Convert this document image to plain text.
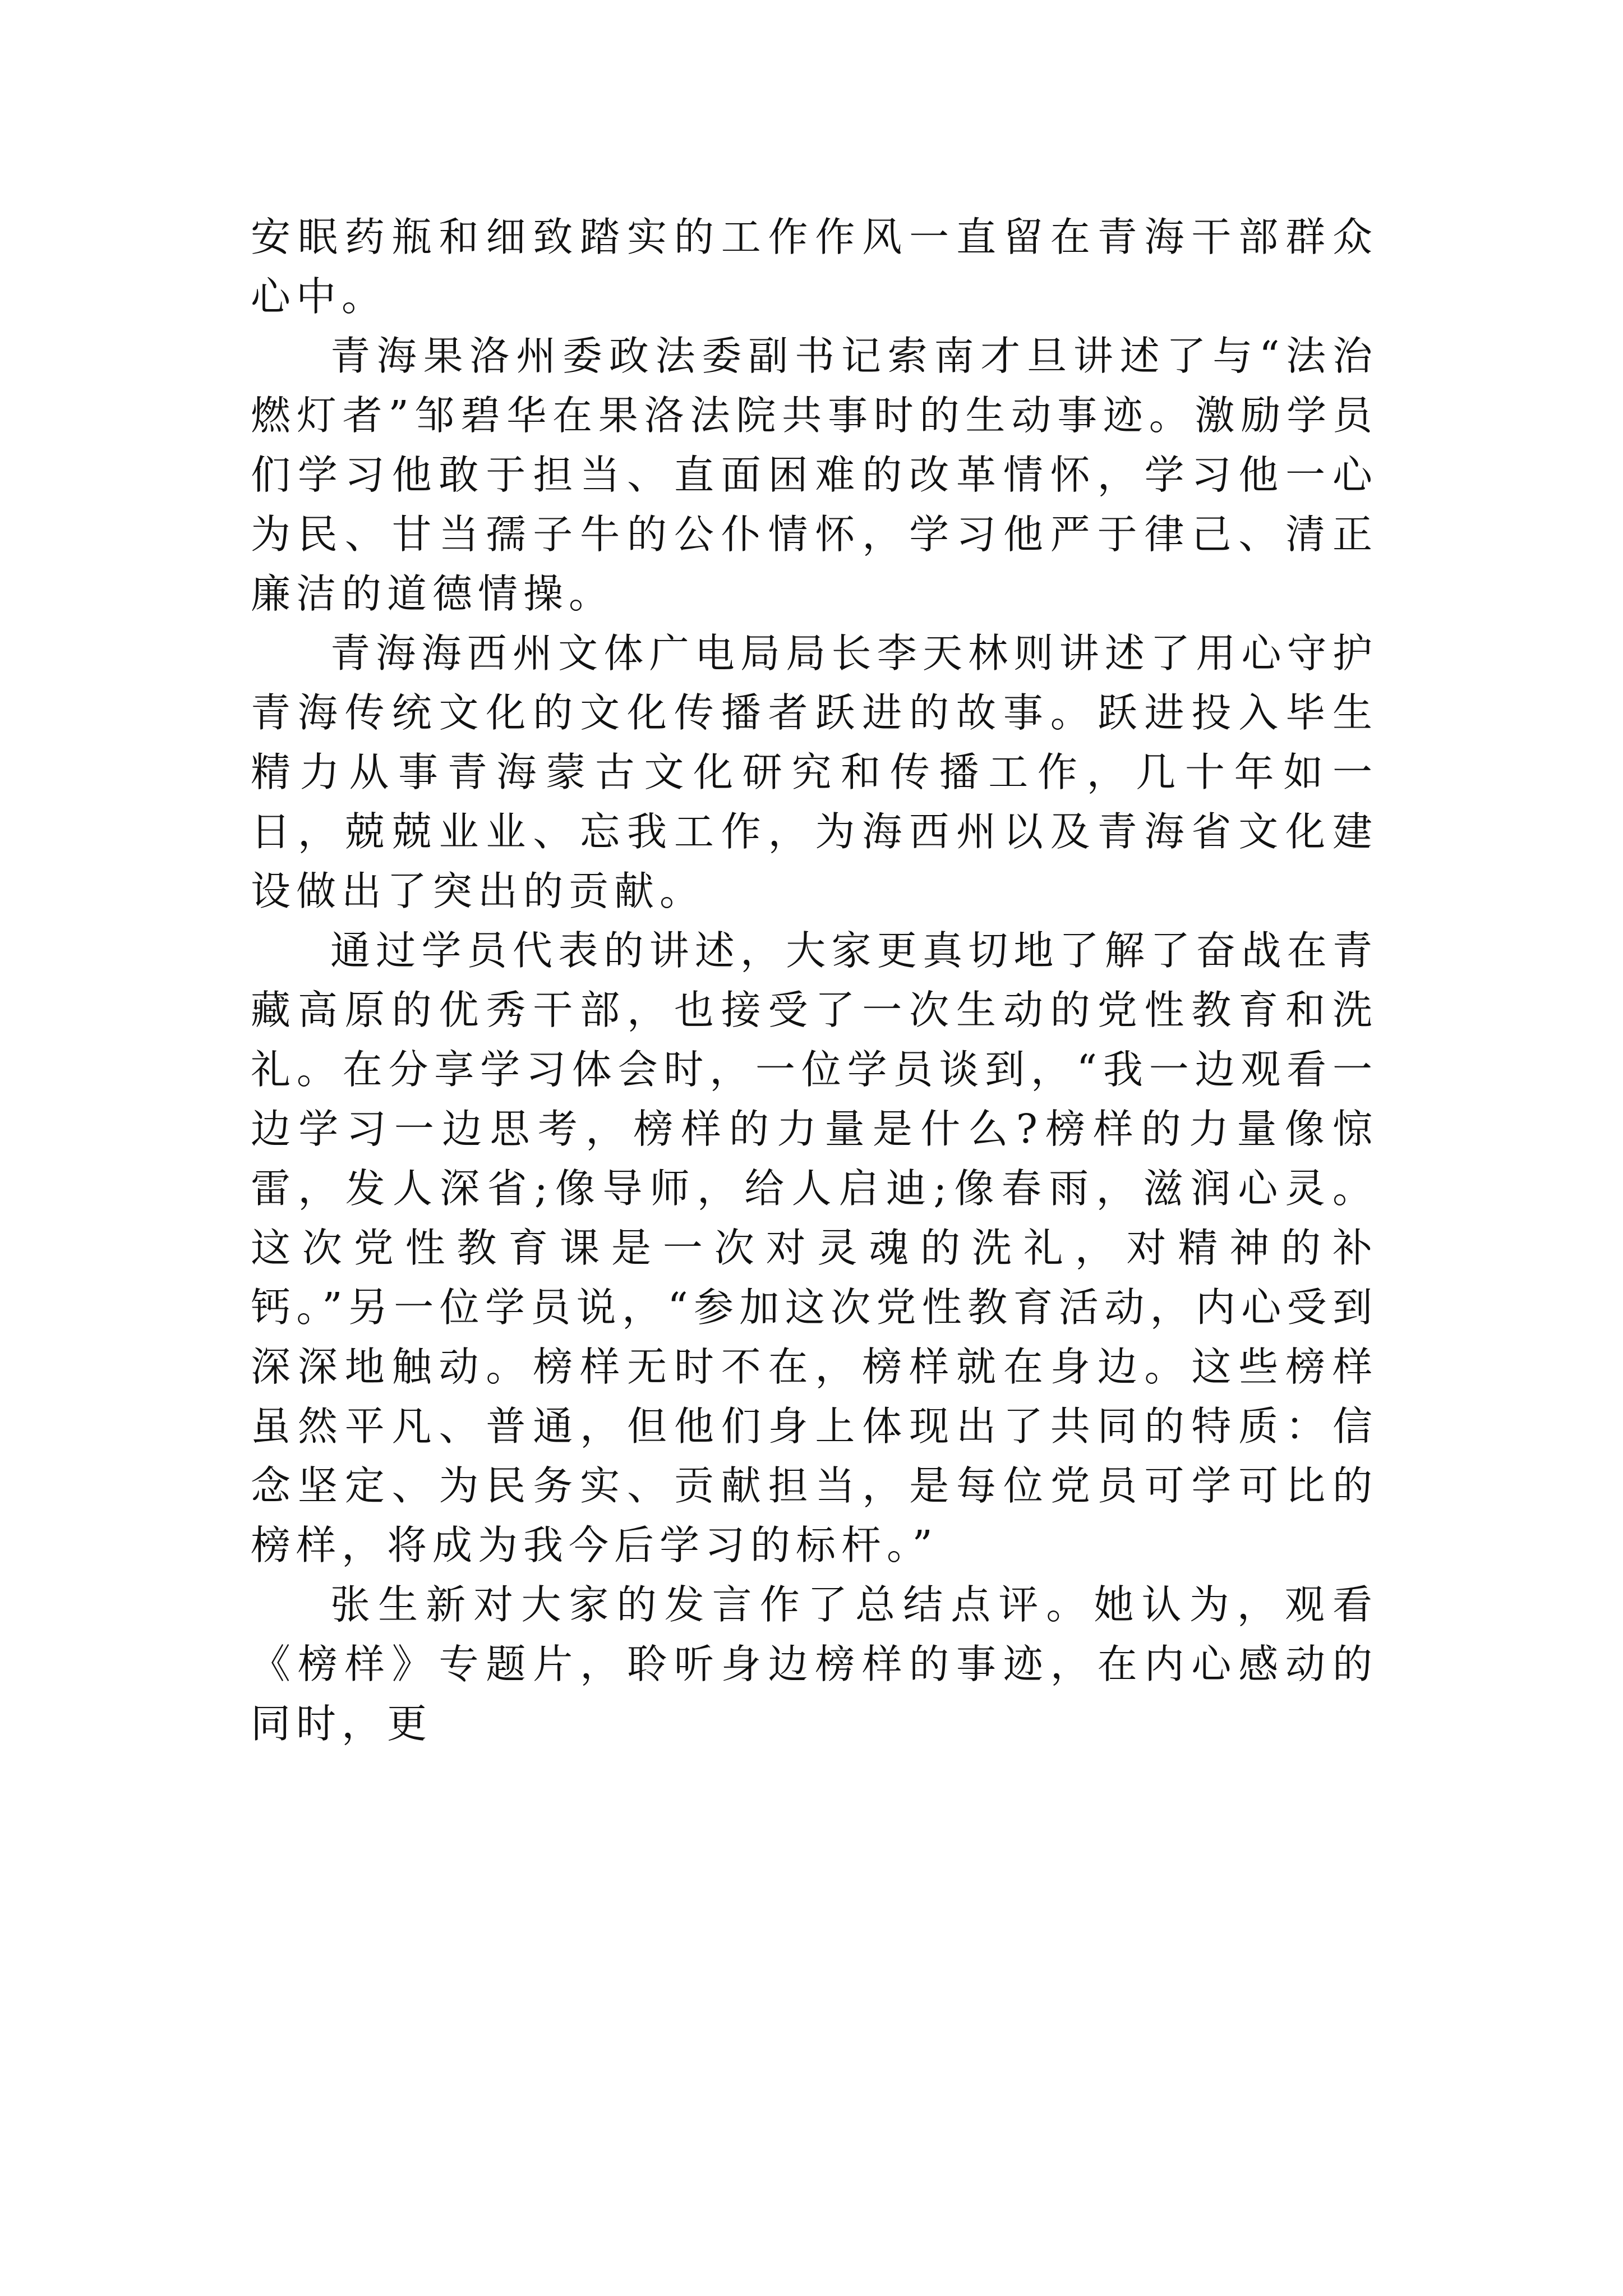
安眠药瓶和细致踏实的工作作风一直留在青海干部群众心中。

青海果洛州委政法委副书记索南才旦讲述了与“法治燃灯者”邹碧华在果洛法院共事时的生动事迹。激励学员们学习他敢于担当、直面困难的改革情怀，学习他一心为民、甘当孺子牛的公仆情怀，学习他严于律己、清正廉洁的道德情操。

青海海西州文体广电局局长李天林则讲述了用心守护青海传统文化的文化传播者跃进的故事。跃进投入毕生精力从事青海蒙古文化研究和传播工作，几十年如一日，兢兢业业、忘我工作，为海西州以及青海省文化建设做出了突出的贡献。

通过学员代表的讲述，大家更真切地了解了奋战在青藏高原的优秀干部，也接受了一次生动的党性教育和洗礼。在分享学习体会时，一位学员谈到，“我一边观看一边学习一边思考，榜样的力量是什么?榜样的力量像惊雷，发人深省;像导师，给人启迪;像春雨，滋润心灵。这次党性教育课是一次对灵魂的洗礼，对精神的补钙。”另一位学员说，“参加这次党性教育活动，内心受到深深地触动。榜样无时不在，榜样就在身边。这些榜样虽然平凡、普通，但他们身上体现出了共同的特质：信念坚定、为民务实、贡献担当，是每位党员可学可比的榜样，将成为我今后学习的标杆。”

张生新对大家的发言作了总结点评。她认为，观看《榜样》专题片，聆听身边榜样的事迹，在内心感动的同时，更
